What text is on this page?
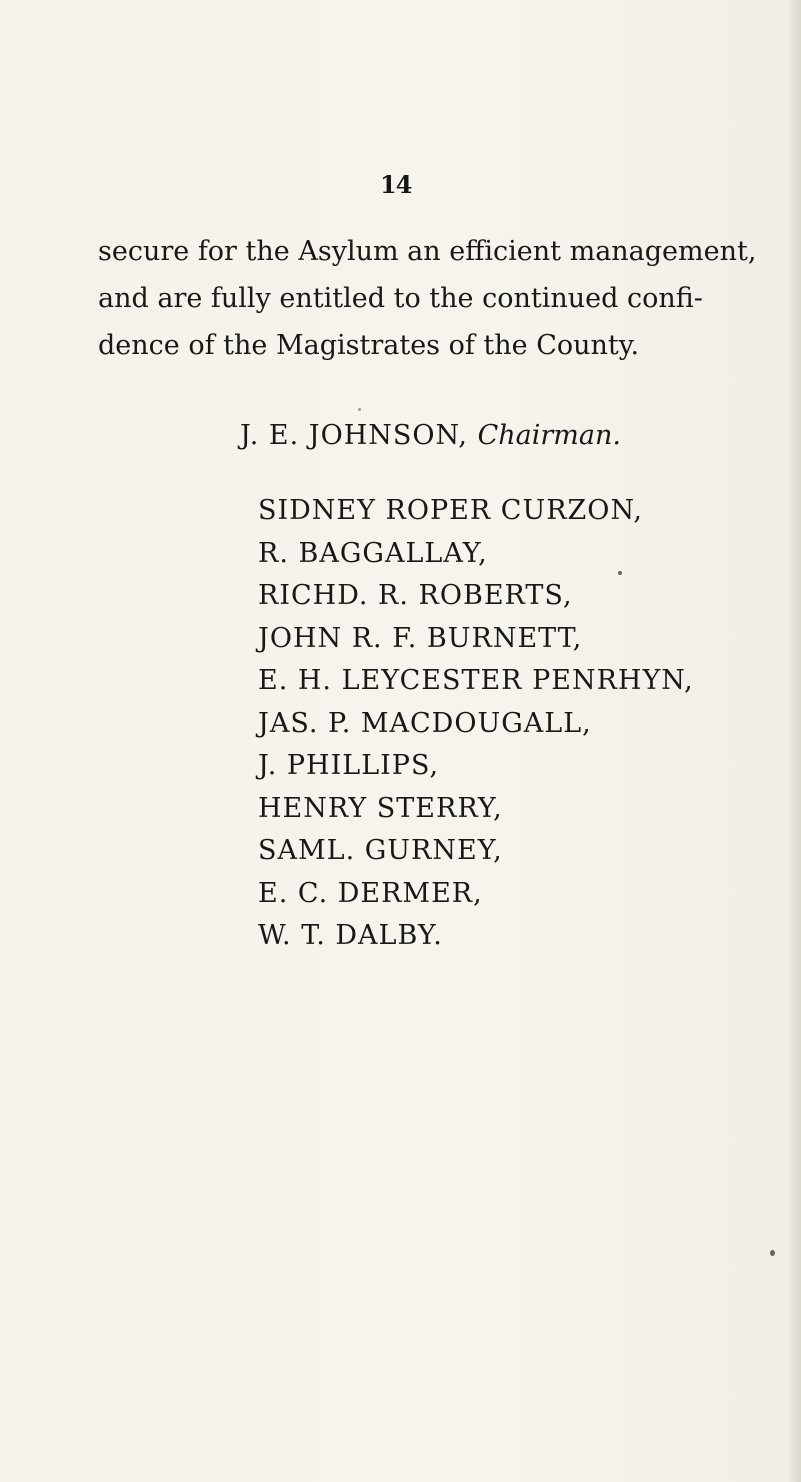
14

secure for the Asylum an efficient management,
and are fully entitled to the continued confi-
dence of the Magistrates of the County.

J. E. JOHNSON, Chairman.
SIDNEY ROPER CURZON,
R. BAGGALLAY,
RICHD. R. ROBERTS,
JOHN R. F. BURNETT,
E. H. LEYCESTER PENRHYN,
JAS. P. MACDOUGALL,
J. PHILLIPS,
HENRY STERRY,
SAML. GURNEY,
E. C. DERMER,
W. T. DALBY.
